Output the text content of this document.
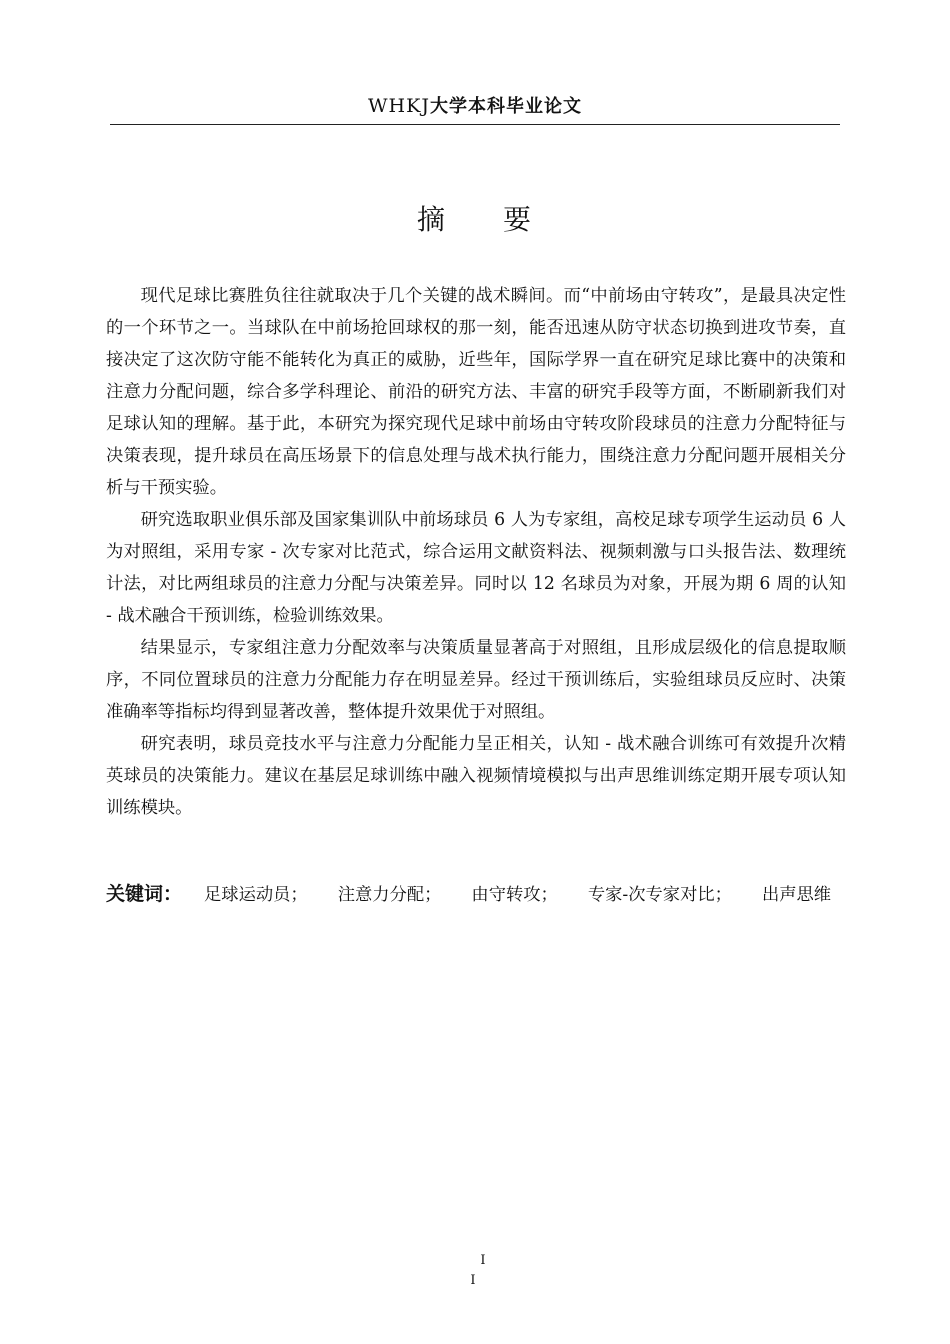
WHKJ大学本科毕业论文
摘 要

现代足球比赛胜负往往就取决于几个关键的战术瞬间。而“中前场由守转攻”，是最具决定性的一个环节之一。当球队在中前场抢回球权的那一刻，能否迅速从防守状态切换到进攻节奏，直接决定了这次防守能不能转化为真正的威胁，近些年，国际学界一直在研究足球比赛中的决策和注意力分配问题，综合多学科理论、前沿的研究方法、丰富的研究手段等方面，不断刷新我们对足球认知的理解。基于此，本研究为探究现代足球中前场由守转攻阶段球员的注意力分配特征与决策表现，提升球员在高压场景下的信息处理与战术执行能力，围绕注意力分配问题开展相关分析与干预实验。

研究选取职业俱乐部及国家集训队中前场球员 6 人为专家组，高校足球专项学生运动员 6 人为对照组，采用专家 - 次专家对比范式，综合运用文献资料法、视频刺激与口头报告法、数理统计法，对比两组球员的注意力分配与决策差异。同时以 12 名球员为对象，开展为期 6 周的认知 - 战术融合干预训练，检验训练效果。

结果显示，专家组注意力分配效率与决策质量显著高于对照组，且形成层级化的信息提取顺序，不同位置球员的注意力分配能力存在明显差异。经过干预训练后，实验组球员反应时、决策准确率等指标均得到显著改善，整体提升效果优于对照组。

研究表明，球员竞技水平与注意力分配能力呈正相关，认知 - 战术融合训练可有效提升次精英球员的决策能力。建议在基层足球训练中融入视频情境模拟与出声思维训练定期开展专项认知训练模块。

关键词： 足球运动员； 注意力分配； 由守转攻； 专家-次专家对比； 出声思维
I
I
